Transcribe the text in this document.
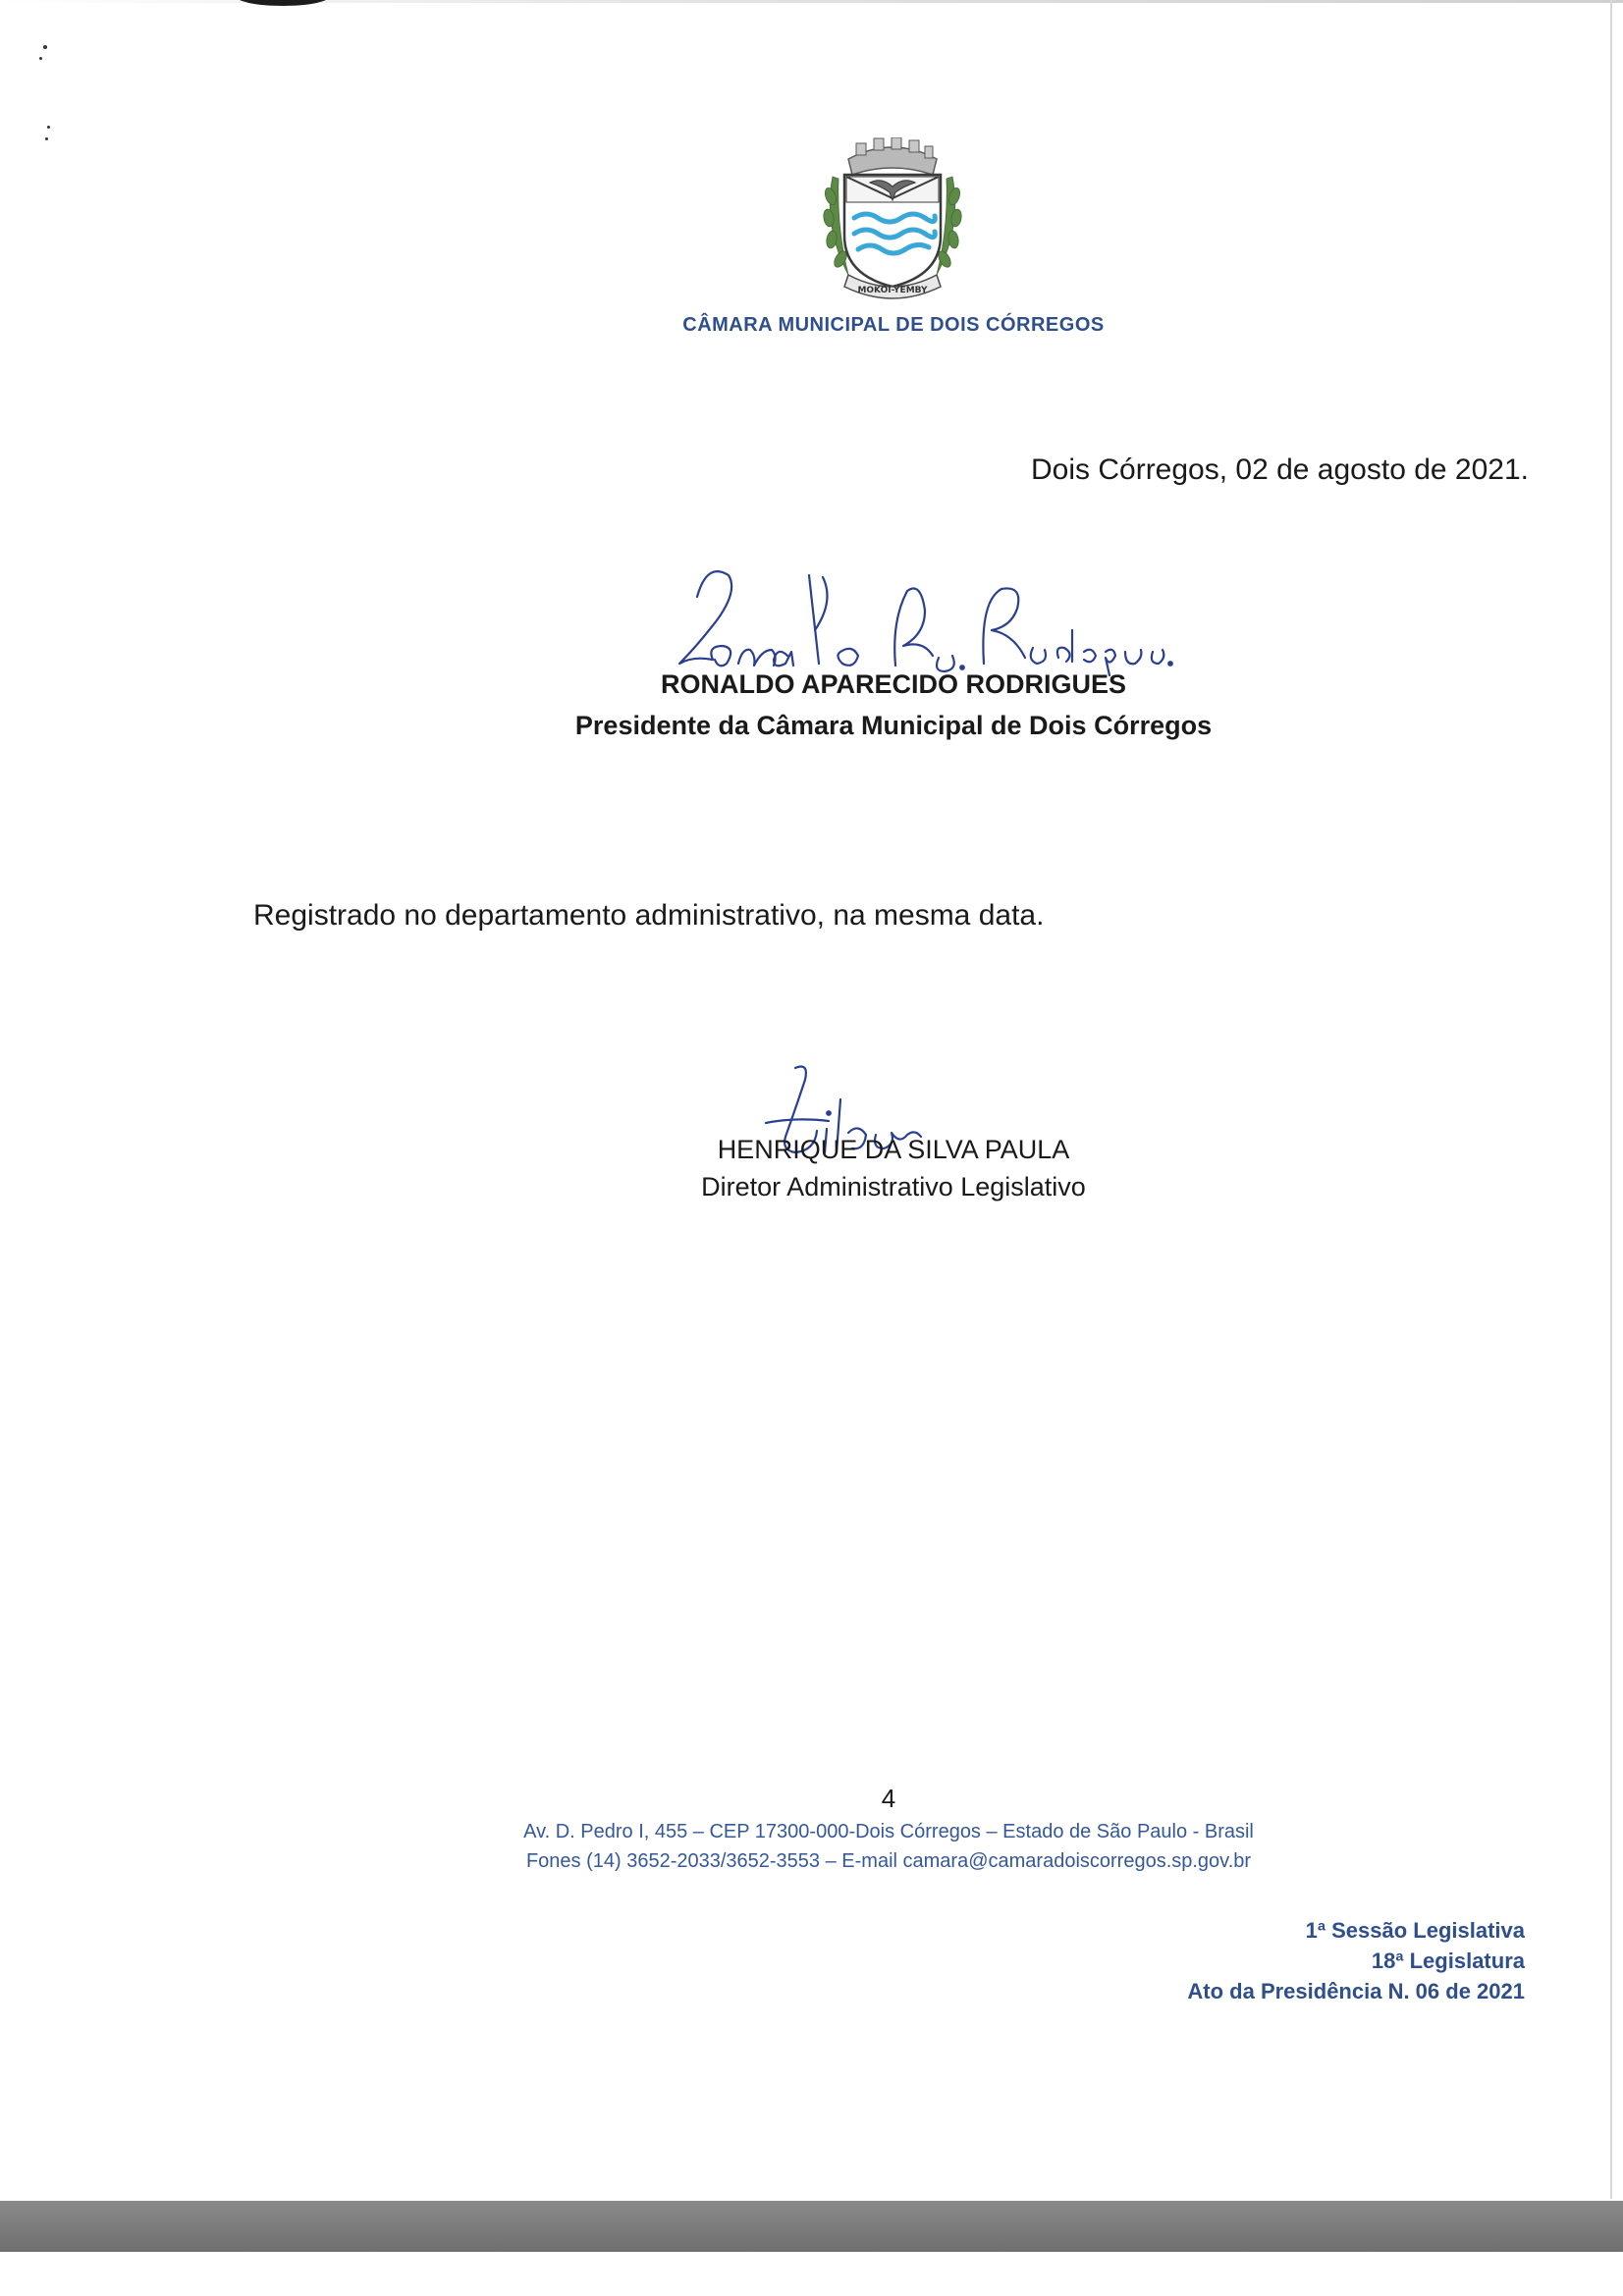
MOKOI-YEMBY
CÂMARA MUNICIPAL DE DOIS CÓRREGOS
Dois Córregos, 02 de agosto de 2021.
RONALDO APARECIDO RODRIGUES
Presidente da Câmara Municipal de Dois Córregos
Registrado no departamento administrativo, na mesma data.
HENRIQUE DA SILVA PAULA
Diretor Administrativo Legislativo
4
Av. D. Pedro I, 455 – CEP 17300-000-Dois Córregos – Estado de São Paulo - Brasil
Fones (14) 3652-2033/3652-3553 – E-mail camara@camaradoiscorregos.sp.gov.br
1ª Sessão Legislativa
18ª Legislatura
Ato da Presidência N. 06 de 2021
